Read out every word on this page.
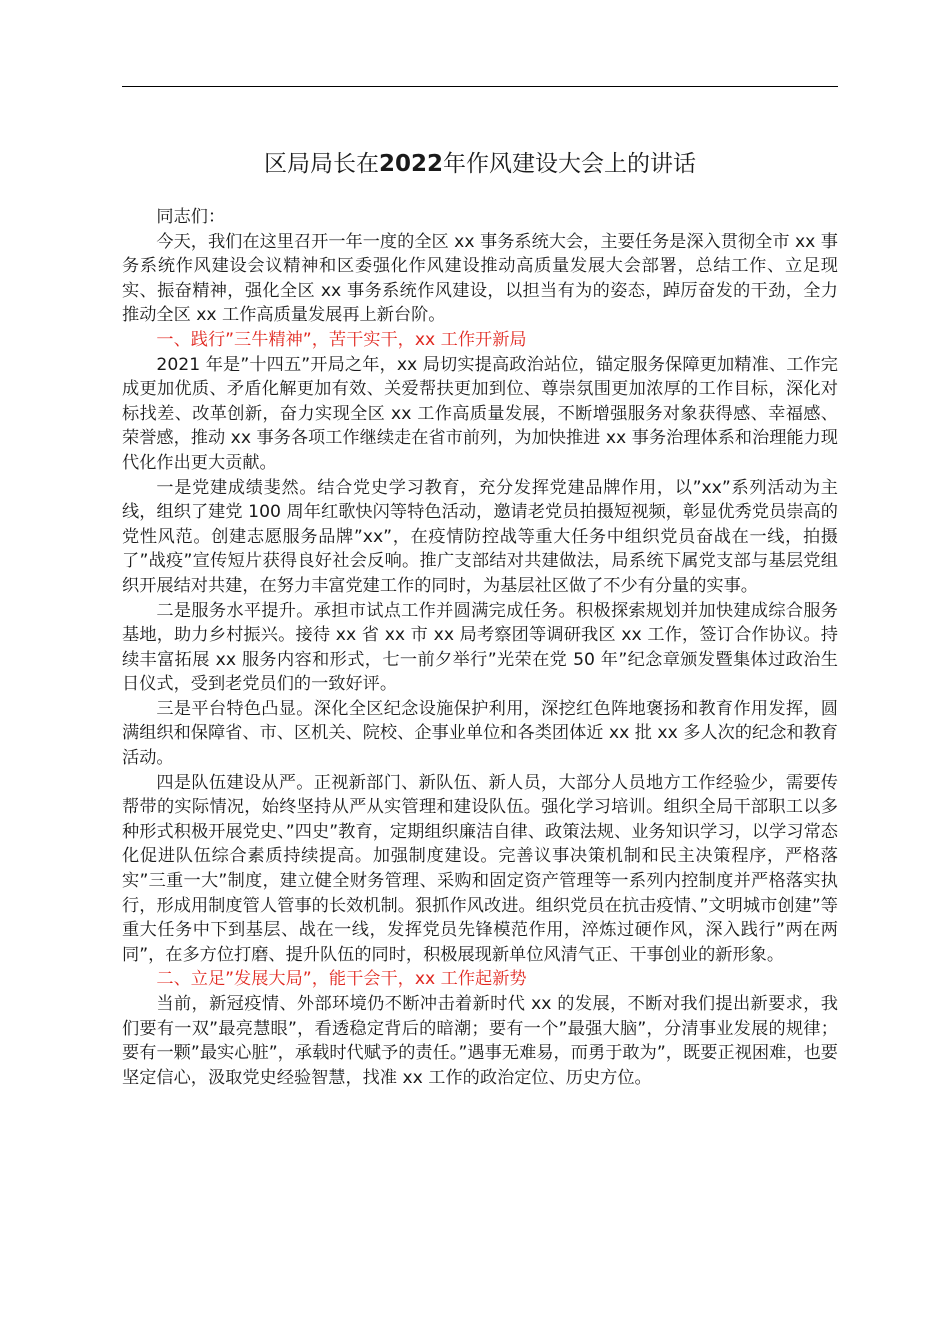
区局局长在2022年作风建设大会上的讲话

同志们：

今天，我们在这里召开一年一度的全区 xx 事务系统大会，主要任务是深入贯彻全市 xx 事务系统作风建设会议精神和区委强化作风建设推动高质量发展大会部署，总结工作、立足现实、振奋精神，强化全区 xx 事务系统作风建设，以担当有为的姿态，踔厉奋发的干劲，全力推动全区 xx 工作高质量发展再上新台阶。

一、践行”三牛精神”，苦干实干，xx 工作开新局

2021 年是”十四五”开局之年，xx 局切实提高政治站位，锚定服务保障更加精准、工作完成更加优质、矛盾化解更加有效、关爱帮扶更加到位、尊崇氛围更加浓厚的工作目标，深化对标找差、改革创新，奋力实现全区 xx 工作高质量发展，不断增强服务对象获得感、幸福感、荣誉感，推动 xx 事务各项工作继续走在省市前列，为加快推进 xx 事务治理体系和治理能力现代化作出更大贡献。

一是党建成绩斐然。结合党史学习教育，充分发挥党建品牌作用，以”xx”系列活动为主线，组织了建党 100 周年红歌快闪等特色活动，邀请老党员拍摄短视频，彰显优秀党员崇高的党性风范。创建志愿服务品牌”xx”，在疫情防控战等重大任务中组织党员奋战在一线，拍摄了”战疫”宣传短片获得良好社会反响。推广支部结对共建做法，局系统下属党支部与基层党组织开展结对共建，在努力丰富党建工作的同时，为基层社区做了不少有分量的实事。

二是服务水平提升。承担市试点工作并圆满完成任务。积极探索规划并加快建成综合服务基地，助力乡村振兴。接待 xx 省 xx 市 xx 局考察团等调研我区 xx 工作，签订合作协议。持续丰富拓展 xx 服务内容和形式，七一前夕举行”光荣在党 50 年”纪念章颁发暨集体过政治生日仪式，受到老党员们的一致好评。

三是平台特色凸显。深化全区纪念设施保护利用，深挖红色阵地褒扬和教育作用发挥，圆满组织和保障省、市、区机关、院校、企事业单位和各类团体近 xx 批 xx 多人次的纪念和教育活动。

四是队伍建设从严。正视新部门、新队伍、新人员，大部分人员地方工作经验少，需要传帮带的实际情况，始终坚持从严从实管理和建设队伍。强化学习培训。组织全局干部职工以多种形式积极开展党史、”四史”教育，定期组织廉洁自律、政策法规、业务知识学习，以学习常态化促进队伍综合素质持续提高。加强制度建设。完善议事决策机制和民主决策程序，严格落实”三重一大”制度，建立健全财务管理、采购和固定资产管理等一系列内控制度并严格落实执行，形成用制度管人管事的长效机制。狠抓作风改进。组织党员在抗击疫情、”文明城市创建”等重大任务中下到基层、战在一线，发挥党员先锋模范作用，淬炼过硬作风，深入践行”两在两同”，在多方位打磨、提升队伍的同时，积极展现新单位风清气正、干事创业的新形象。

二、立足”发展大局”，能干会干，xx 工作起新势

当前，新冠疫情、外部环境仍不断冲击着新时代 xx 的发展，不断对我们提出新要求，我们要有一双”最亮慧眼”，看透稳定背后的暗潮；要有一个”最强大脑”，分清事业发展的规律；要有一颗”最实心脏”，承载时代赋予的责任。”遇事无难易，而勇于敢为”，既要正视困难，也要坚定信心，汲取党史经验智慧，找准 xx 工作的政治定位、历史方位。
